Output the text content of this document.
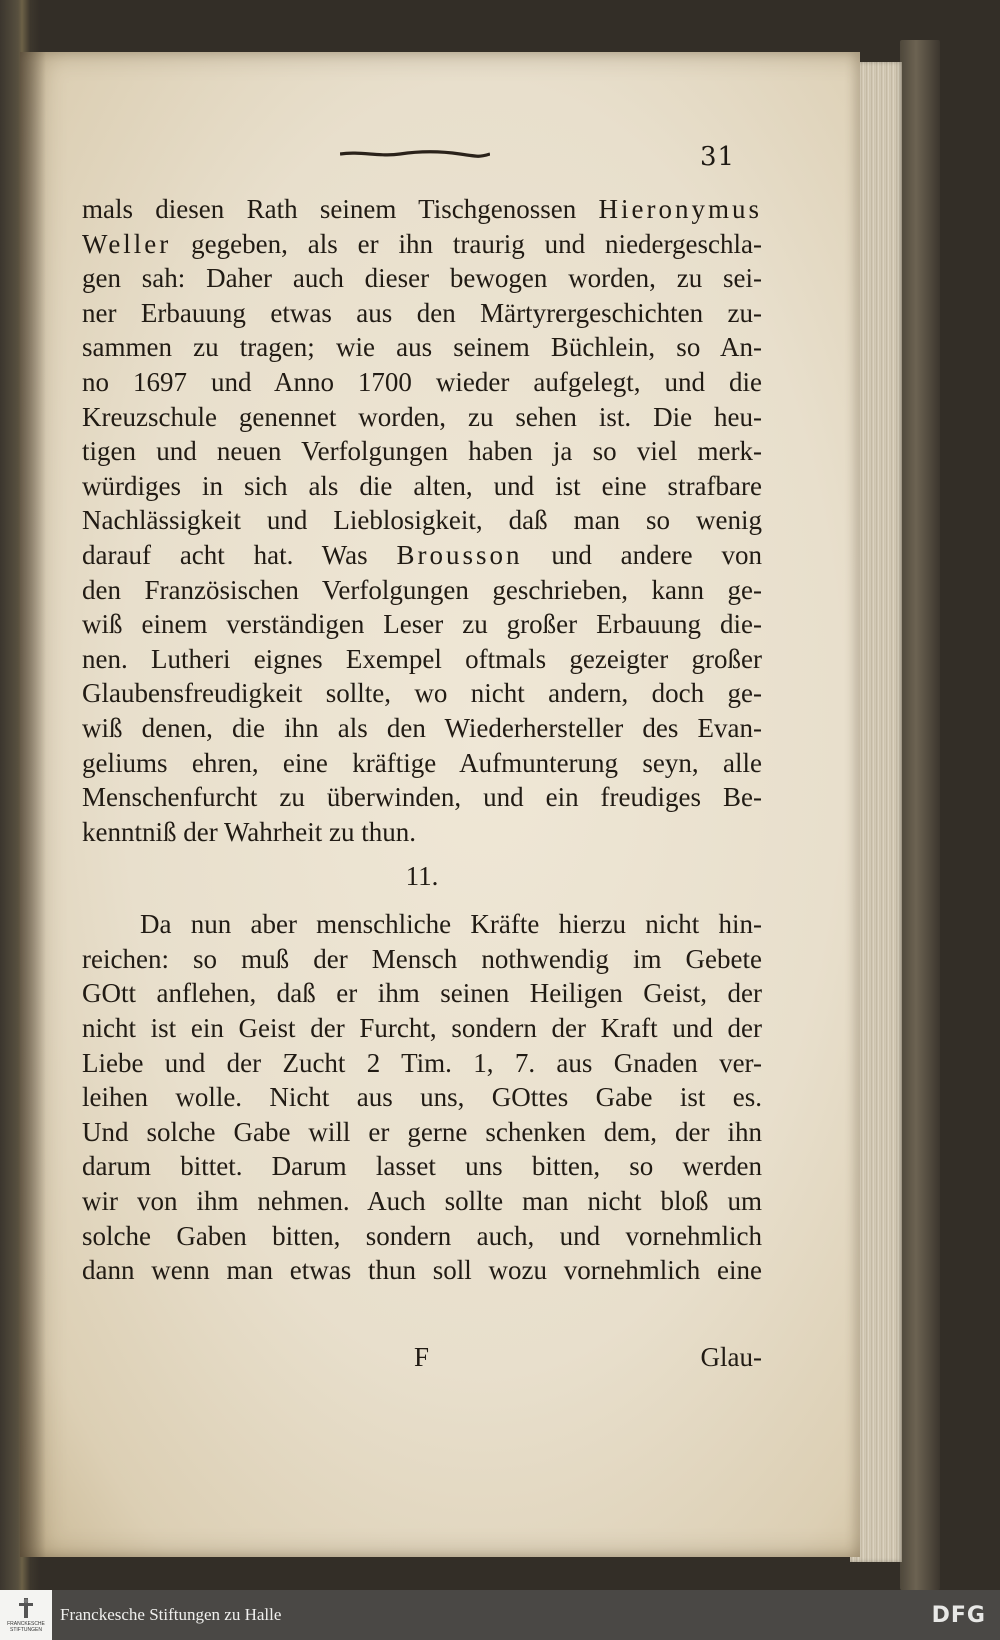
31
mals diesen Rath seinem Tischgenossen Hieronymus
Weller gegeben, als er ihn traurig und niedergeschla-
gen sah: Daher auch dieser bewogen worden, zu sei-
ner Erbauung etwas aus den Märtyrergeschichten zu-
sammen zu tragen; wie aus seinem Büchlein, so An-
no 1697 und Anno 1700 wieder aufgelegt, und die
Kreuzschule genennet worden, zu sehen ist. Die heu-
tigen und neuen Verfolgungen haben ja so viel merk-
würdiges in sich als die alten, und ist eine strafbare
Nachlässigkeit und Lieblosigkeit, daß man so wenig
darauf acht hat. Was Brousson und andere von
den Französischen Verfolgungen geschrieben, kann ge-
wiß einem verständigen Leser zu großer Erbauung die-
nen. Lutheri eignes Exempel oftmals gezeigter großer
Glaubensfreudigkeit sollte, wo nicht andern, doch ge-
wiß denen, die ihn als den Wiederhersteller des Evan-
geliums ehren, eine kräftige Aufmunterung seyn, alle
Menschenfurcht zu überwinden, und ein freudiges Be-
kenntniß der Wahrheit zu thun.
11.
Da nun aber menschliche Kräfte hierzu nicht hin-
reichen: so muß der Mensch nothwendig im Gebete
GOtt anflehen, daß er ihm seinen Heiligen Geist, der
nicht ist ein Geist der Furcht, sondern der Kraft und der
Liebe und der Zucht 2 Tim. 1, 7. aus Gnaden ver-
leihen wolle. Nicht aus uns, GOttes Gabe ist es.
Und solche Gabe will er gerne schenken dem, der ihn
darum bittet. Darum lasset uns bitten, so werden
wir von ihm nehmen. Auch sollte man nicht bloß um
solche Gaben bitten, sondern auch, und vornehmlich
dann wenn man etwas thun soll wozu vornehmlich eine
F	Glau-
FRANCKESCHE STIFTUNGEN
Franckesche Stiftungen zu Halle	DFG
